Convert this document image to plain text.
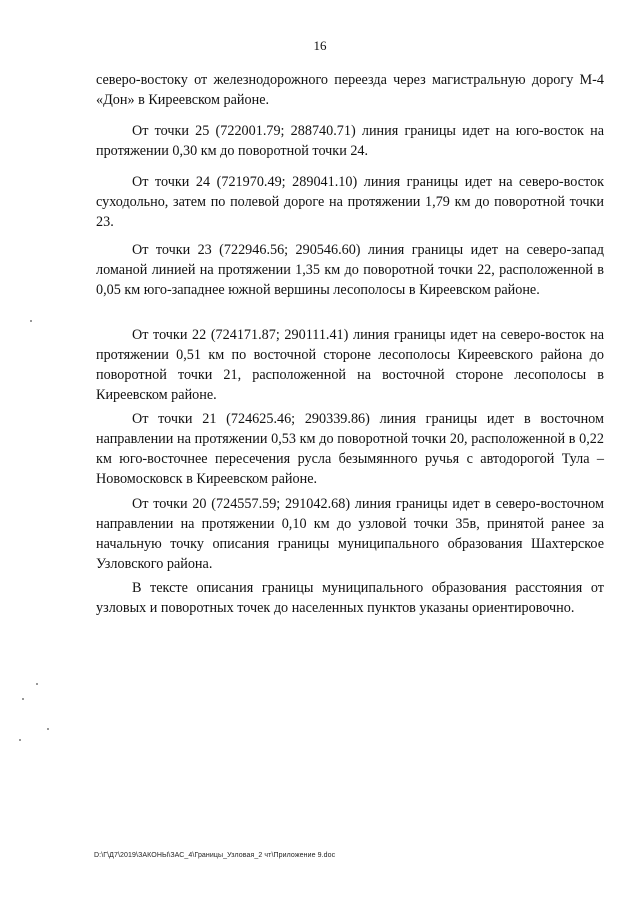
16

северо-востоку от железнодорожного переезда через магистральную дорогу М-4 «Дон» в Киреевском районе.

От точки 25 (722001.79; 288740.71) линия границы идет на юго-восток на протяжении 0,30 км до поворотной точки 24.

От точки 24 (721970.49; 289041.10) линия границы идет на северо-восток суходольно, затем по полевой дороге на протяжении 1,79 км до поворотной точки 23.

От точки 23 (722946.56; 290546.60) линия границы идет на северо-запад ломаной линией на протяжении 1,35 км до поворотной точки 22, расположенной в 0,05 км юго-западнее южной вершины лесополосы в Киреевском районе.

От точки 22 (724171.87; 290111.41) линия границы идет на северо-восток на протяжении 0,51 км по восточной стороне лесополосы Киреевского района до поворотной точки 21, расположенной на восточной стороне лесополосы в Киреевском районе.

От точки 21 (724625.46; 290339.86) линия границы идет в восточном направлении на протяжении 0,53 км до поворотной точки 20, расположенной в 0,22 км юго-восточнее пересечения русла безымянного ручья с автодорогой Тула – Новомосковск в Киреевском районе.

От точки 20 (724557.59; 291042.68) линия границы идет в северо-восточном направлении на протяжении 0,10 км до узловой точки 35в, принятой ранее за начальную точку описания границы муниципального образования Шахтерское Узловского района.

В тексте описания границы муниципального образования расстояния от узловых и поворотных точек до населенных пунктов указаны ориентировочно.

D:\Г\Д7\2019\ЗАКОНЫ\ЗАС_4\Границы_Узловая_2 чт\Приложение 9.doc
